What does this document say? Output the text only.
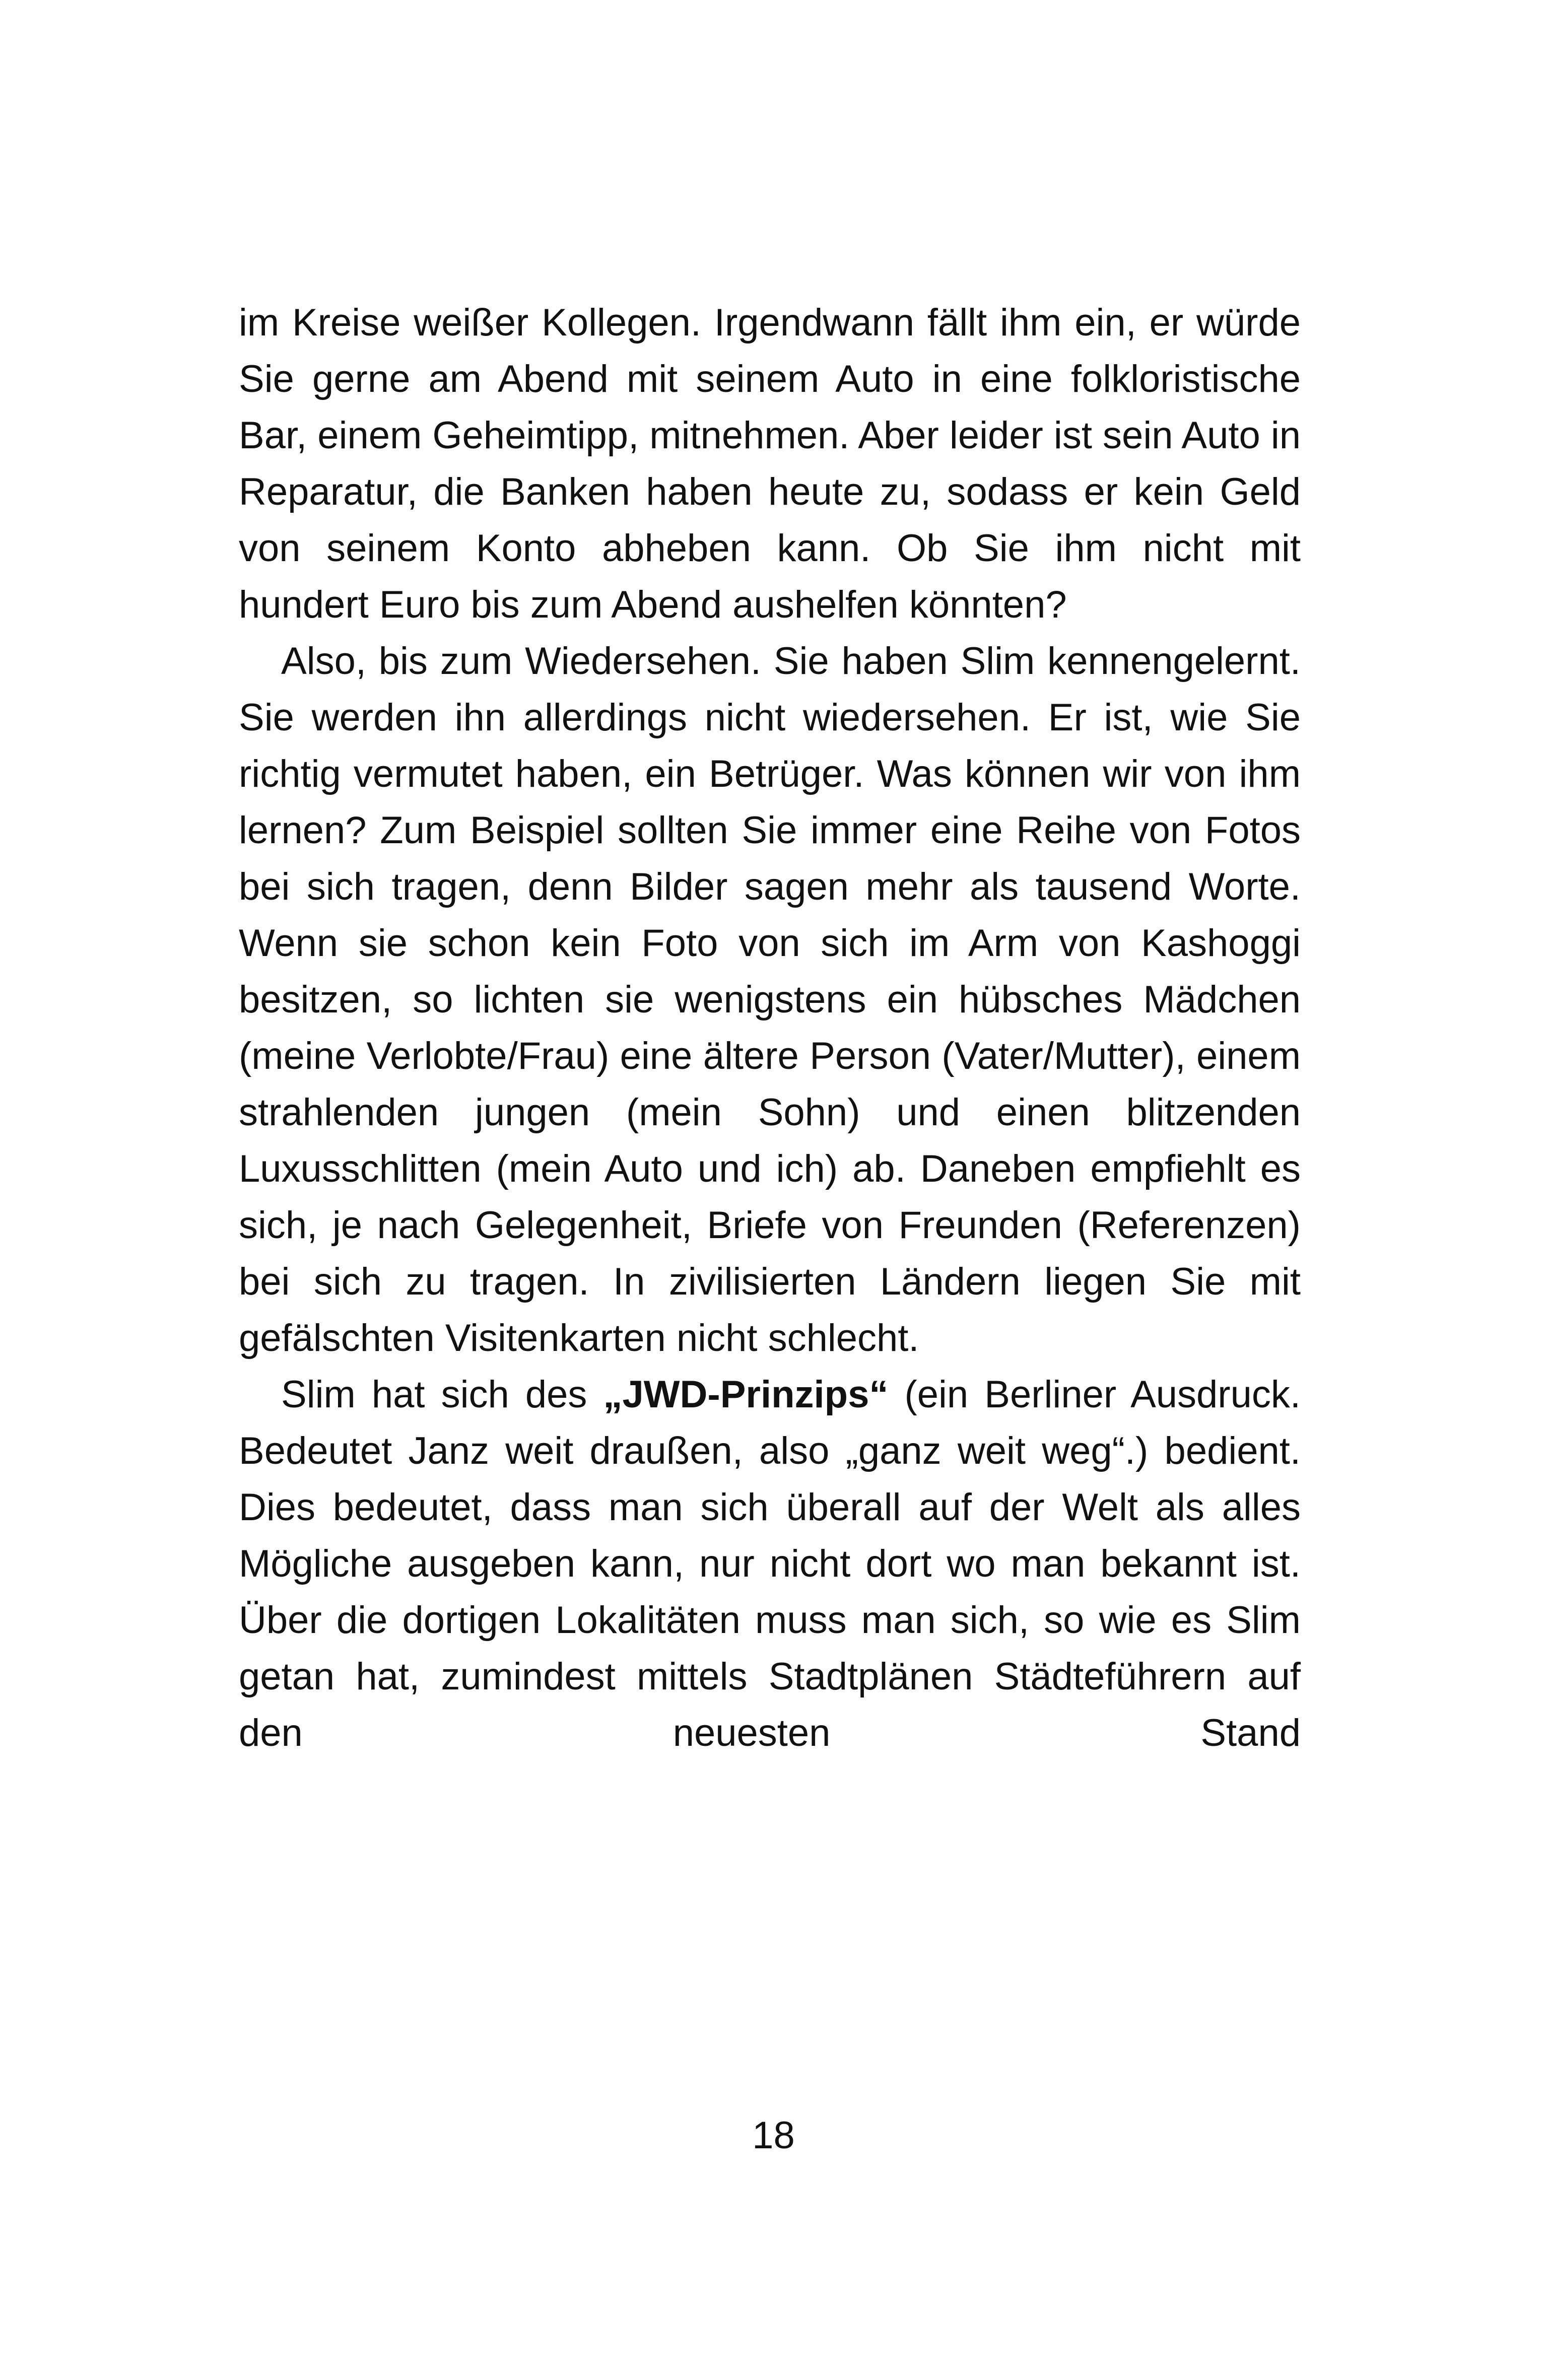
im Kreise weißer Kollegen. Irgendwann fällt ihm ein, er würde Sie gerne am Abend mit seinem Auto in eine folkloristische Bar, einem Geheimtipp, mitnehmen. Aber leider ist sein Auto in Reparatur, die Banken haben heute zu, sodass er kein Geld von seinem Konto abheben kann. Ob Sie ihm nicht mit hundert Euro bis zum Abend aushelfen könnten?

Also, bis zum Wiedersehen. Sie haben Slim kennengelernt. Sie werden ihn allerdings nicht wiedersehen. Er ist, wie Sie richtig vermutet haben, ein Betrüger. Was können wir von ihm lernen? Zum Beispiel sollten Sie immer eine Reihe von Fotos bei sich tragen, denn Bilder sagen mehr als tausend Worte. Wenn sie schon kein Foto von sich im Arm von Kashoggi besitzen, so lichten sie wenigstens ein hübsches Mädchen (meine Verlobte/Frau) eine ältere Person (Vater/Mutter), einem strahlenden jungen (mein Sohn) und einen blitzenden Luxusschlitten (mein Auto und ich) ab. Daneben empfiehlt es sich, je nach Gelegenheit, Briefe von Freunden (Referenzen) bei sich zu tragen. In zivilisierten Ländern liegen Sie mit gefälschten Visitenkarten nicht schlecht.

Slim hat sich des „JWD-Prinzips“ (ein Berliner Ausdruck. Bedeutet Janz weit draußen, also „ganz weit weg“.) bedient. Dies bedeutet, dass man sich überall auf der Welt als alles Mögliche ausgeben kann, nur nicht dort wo man bekannt ist. Über die dortigen Lokalitäten muss man sich, so wie es Slim getan hat, zumindest mittels Stadtplänen Städteführern auf den neuesten Stand

18
